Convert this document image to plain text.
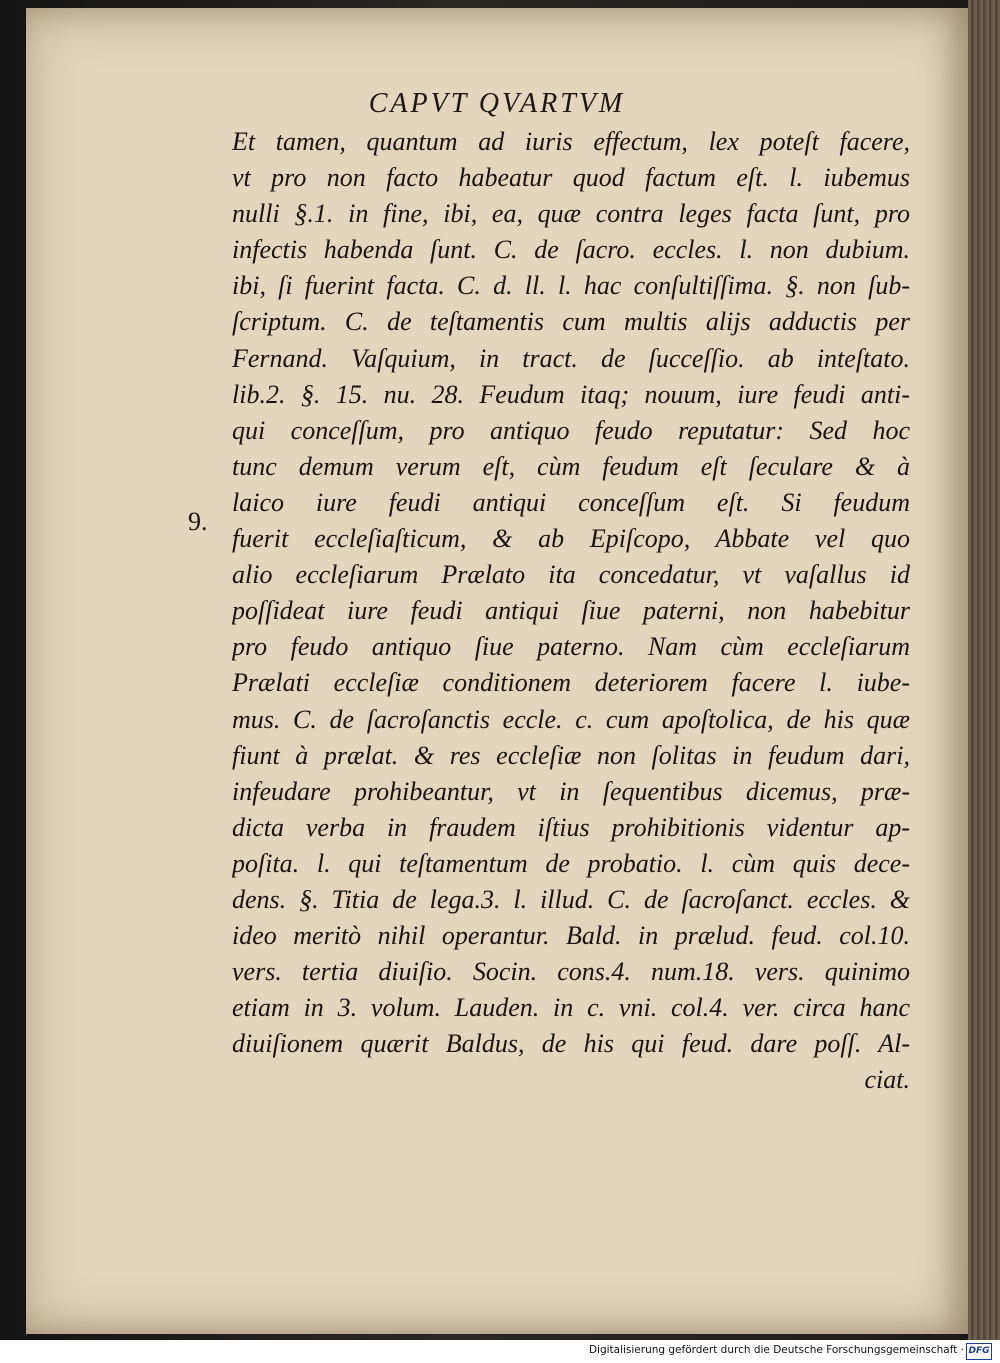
CAPVT QVARTVM
9.
Et tamen, quantum ad iuris effectum, lex poteſt facere,
vt pro non facto habeatur quod factum eſt. l. iubemus
nulli §.1. in fine, ibi, ea, quæ contra leges facta ſunt, pro
infectis habenda ſunt. C. de ſacro. eccles. l. non dubium.
ibi, ſi fuerint facta. C. d. ll. l. hac conſultiſſima. §. non ſub-
ſcriptum. C. de teſtamentis cum multis alijs adductis per
Fernand. Vaſquium, in tract. de ſucceſſio. ab inteſtato.
lib.2. §. 15. nu. 28. Feudum itaq; nouum, iure feudi anti-
qui conceſſum, pro antiquo feudo reputatur: Sed hoc
tunc demum verum eſt, cùm feudum eſt ſeculare & à
laico iure feudi antiqui conceſſum eſt. Si feudum
fuerit eccleſiaſticum, & ab Epiſcopo, Abbate vel quo
alio eccleſiarum Prælato ita concedatur, vt vaſallus id
poſſideat iure feudi antiqui ſiue paterni, non habebitur
pro feudo antiquo ſiue paterno. Nam cùm eccleſiarum
Prælati eccleſiæ conditionem deteriorem facere l. iube-
mus. C. de ſacroſanctis eccle. c. cum apoſtolica, de his quæ
fiunt à prælat. & res eccleſiæ non ſolitas in feudum dari,
infeudare prohibeantur, vt in ſequentibus dicemus, præ-
dicta verba in fraudem iſtius prohibitionis videntur ap-
poſita. l. qui teſtamentum de probatio. l. cùm quis dece-
dens. §. Titia de lega.3. l. illud. C. de ſacroſanct. eccles. &
ideo meritò nihil operantur. Bald. in prælud. feud. col.10.
vers. tertia diuiſio. Socin. cons.4. num.18. vers. quinimo
etiam in 3. volum. Lauden. in c. vni. col.4. ver. circa hanc
diuiſionem quærit Baldus, de his qui feud. dare poſſ. Al-
ciat.
Digitalisierung gefördert durch die Deutsche Forschungsgemeinschaft · DFG
